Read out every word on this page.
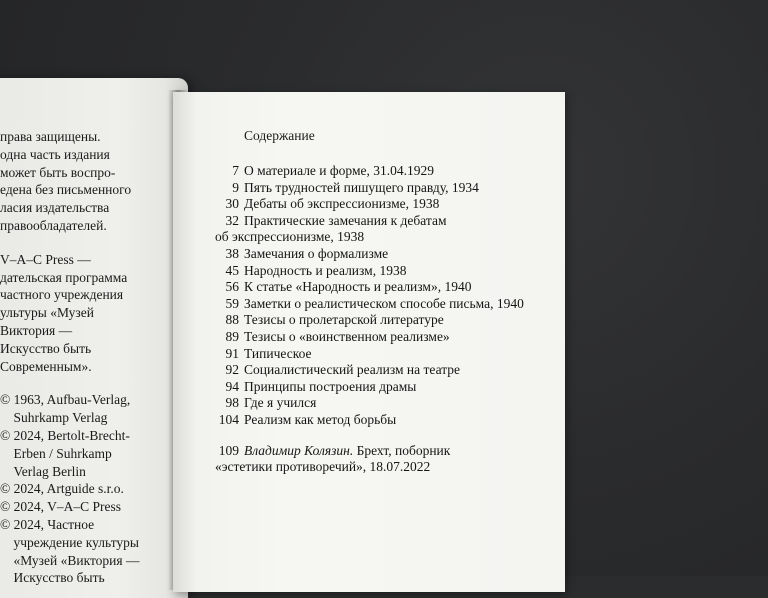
права защищены.
одна часть издания
может быть воспро-
едена без письменного
ласия издательства
правообладателей.
V–A–C Press —
дательская программа
частного учреждения
ультуры «Музей
Виктория —
Искусство быть
Современным».
© 1963, Aufbau-Verlag,
Suhrkamp Verlag
© 2024, Bertolt-Brecht-
Erben / Suhrkamp
Verlag Berlin
© 2024, Artguide s.r.o.
© 2024, V–A–C Press
© 2024, Частное
учреждение культуры
«Музей «Виктория —
Искусство быть
Содержание
7 О материале и форме, 31.04.1929
9 Пять трудностей пишущего правду, 1934
30 Дебаты об экспрессионизме, 1938
32 Практические замечания к дебатам
об экспрессионизме, 1938
38 Замечания о формализме
45 Народность и реализм, 1938
56 К статье «Народность и реализм», 1940
59 Заметки о реалистическом способе письма, 1940
88 Тезисы о пролетарской литературе
89 Тезисы о «воинственном реализме»
91 Типическое
92 Социалистический реализм на театре
94 Принципы построения драмы
98 Где я учился
104 Реализм как метод борьбы
109 Владимир Колязин. Брехт, поборник
«эстетики противоречий», 18.07.2022
